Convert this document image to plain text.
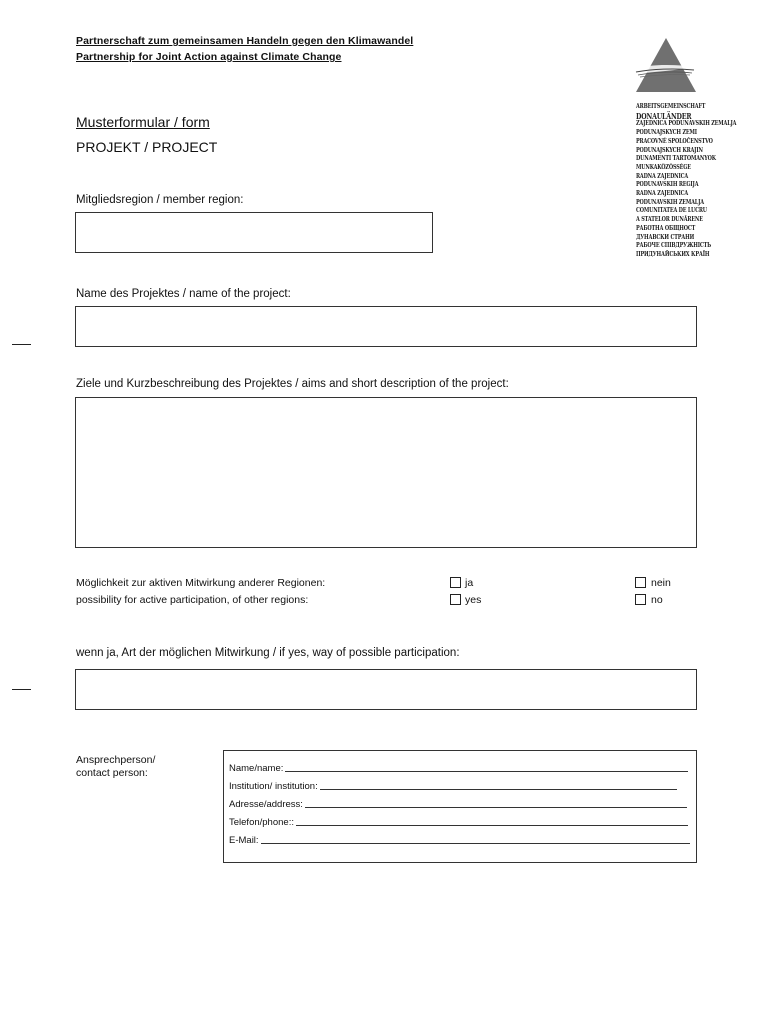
Partnerschaft zum gemeinsamen Handeln gegen den Klimawandel
Partnership for Joint Action against Climate Change
ARBEITSGEMEINSCHAFT
DONAULÄNDER
ZAJEDNICA PODUNAVSKIH ZEMALJA
PODUNAJSKÝCH ZEMÍ
PRACOVNÉ SPOLOČENSTVO
PODUNAJSKÝCH KRAJÍN
DUNAMENTI TARTOMÁNYOK
MUNKAKÖZÖSSÉGE
RADNA ZAJEDNICA
PODUNAVSKIH REGIJA
RADNA ZAJEDNICA
PODUNAVSKIH ZEMALJA
COMUNITATEA DE LUCRU
A STATELOR DUNĂRENE
РАБОТНА ОБЩНОСТ
ДУНАВСКИ СТРАНИ
РАБОЧЕ СПІВДРУЖНІСТЬ
ПРИДУНАЙСЬКИХ КРАЇН
Musterformular / form
PROJEKT / PROJECT
Mitgliedsregion / member region:
Name des Projektes / name of the project:
Ziele und Kurzbeschreibung des Projektes / aims and short description of the project:
Möglichkeit zur aktiven Mitwirkung anderer Regionen:
possibility for active participation, of other regions:
ja
yes
nein
no
wenn ja, Art der möglichen Mitwirkung / if yes, way of possible participation:
Ansprechperson/
contact person:	Name/name:
Institution/ institution:
Adresse/address:
Telefon/phone::
E-Mail:
